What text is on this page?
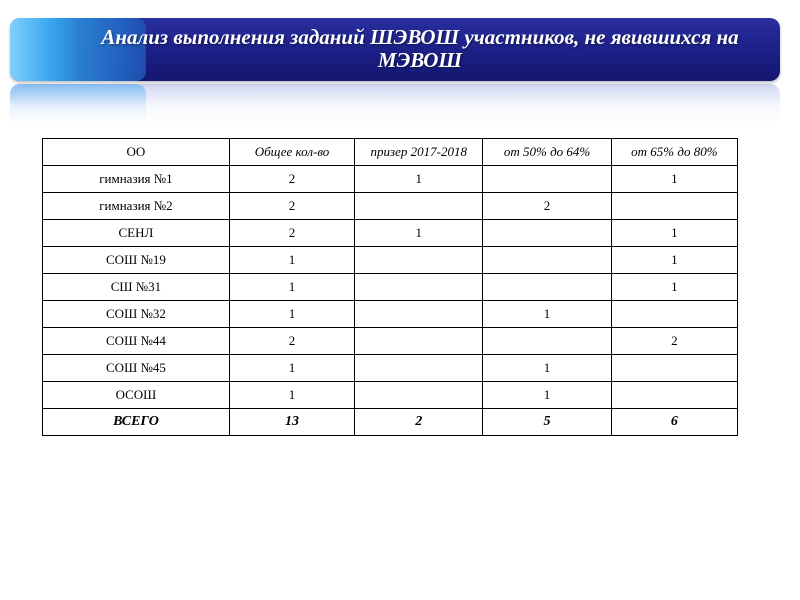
Анализ выполнения заданий ШЭВОШ участников, не явившихся на МЭВОШ
ОО	Общее кол-во	призер 2017-2018	от 50% до 64%	от 65% до 80%
гимназия №1	2	1		1
гимназия №2	2		2	
СЕНЛ	2	1		1
СОШ №19	1			1
СШ №31	1			1
СОШ №32	1		1	
СОШ №44	2			2
СОШ №45	1		1	
ОСОШ	1		1	
ВСЕГО	13	2	5	6
